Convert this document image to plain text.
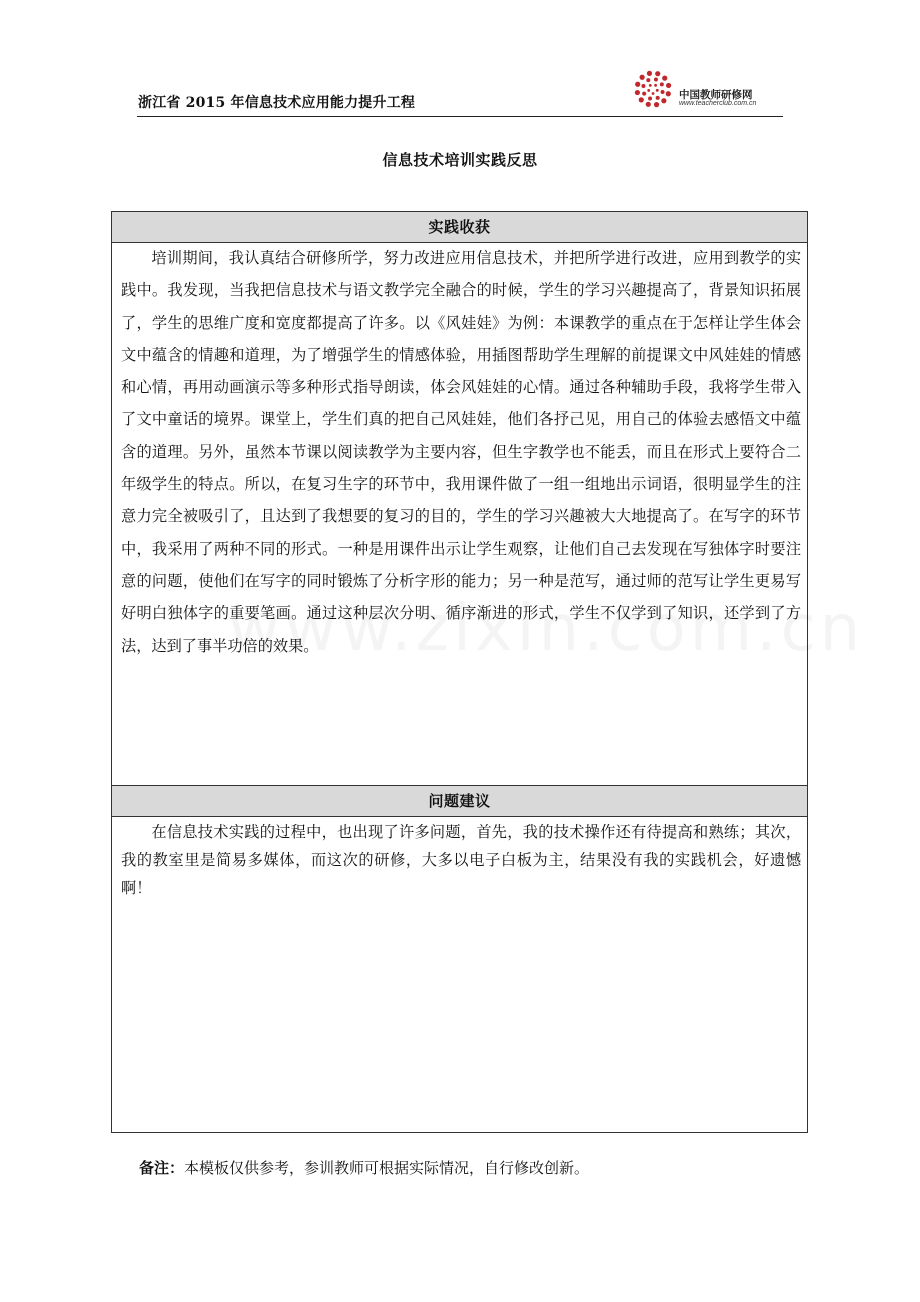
浙江省 2015 年信息技术应用能力提升工程	中国教师研修网
www.teacherclub.com.cn
信息技术培训实践反思
实践收获
培训期间，我认真结合研修所学，努力改进应用信息技术，并把所学进行改进，应用到教学的实践中。我发现，当我把信息技术与语文教学完全融合的时候，学生的学习兴趣提高了，背景知识拓展了，学生的思维广度和宽度都提高了许多。以《风娃娃》为例：本课教学的重点在于怎样让学生体会文中蕴含的情趣和道理，为了增强学生的情感体验，用插图帮助学生理解的前提课文中风娃娃的情感和心情，再用动画演示等多种形式指导朗读，体会风娃娃的心情。通过各种辅助手段，我将学生带入了文中童话的境界。课堂上，学生们真的把自己风娃娃，他们各抒己见，用自己的体验去感悟文中蕴含的道理。另外，虽然本节课以阅读教学为主要内容，但生字教学也不能丢，而且在形式上要符合二年级学生的特点。所以，在复习生字的环节中，我用课件做了一组一组地出示词语，很明显学生的注意力完全被吸引了，且达到了我想要的复习的目的，学生的学习兴趣被大大地提高了。在写字的环节中，我采用了两种不同的形式。一种是用课件出示让学生观察，让他们自己去发现在写独体字时要注意的问题，使他们在写字的同时锻炼了分析字形的能力；另一种是范写，通过师的范写让学生更易写好明白独体字的重要笔画。通过这种层次分明、循序渐进的形式，学生不仅学到了知识，还学到了方法，达到了事半功倍的效果。
问题建议
在信息技术实践的过程中，也出现了许多问题，首先，我的技术操作还有待提高和熟练；其次，我的教室里是简易多媒体，而这次的研修，大多以电子白板为主，结果没有我的实践机会，好遗憾啊！
备注：本模板仅供参考，参训教师可根据实际情况，自行修改创新。
